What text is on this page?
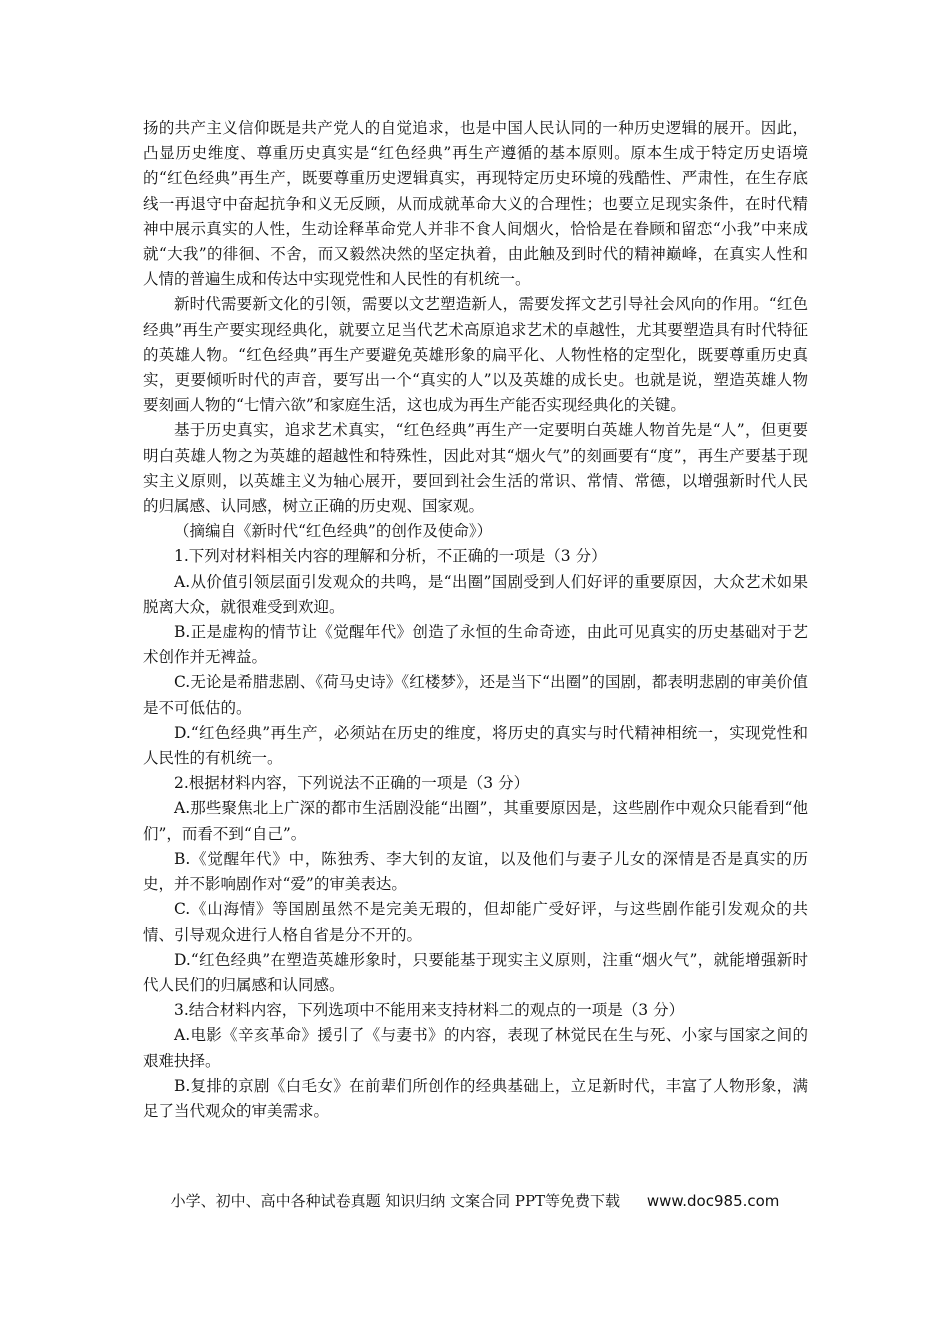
扬的共产主义信仰既是共产党人的自觉追求，也是中国人民认同的一种历史逻辑的展开。因此，凸显历史维度、尊重历史真实是“红色经典”再生产遵循的基本原则。原本生成于特定历史语境的“红色经典”再生产，既要尊重历史逻辑真实，再现特定历史环境的残酷性、严肃性，在生存底线一再退守中奋起抗争和义无反顾，从而成就革命大义的合理性；也要立足现实条件，在时代精神中展示真实的人性，生动诠释革命党人并非不食人间烟火，恰恰是在眷顾和留恋“小我”中来成就“大我”的徘徊、不舍，而又毅然决然的坚定执着，由此触及到时代的精神巅峰，在真实人性和人情的普遍生成和传达中实现党性和人民性的有机统一。

新时代需要新文化的引领，需要以文艺塑造新人，需要发挥文艺引导社会风向的作用。“红色经典”再生产要实现经典化，就要立足当代艺术高原追求艺术的卓越性，尤其要塑造具有时代特征的英雄人物。“红色经典”再生产要避免英雄形象的扁平化、人物性格的定型化，既要尊重历史真实，更要倾听时代的声音，要写出一个“真实的人”以及英雄的成长史。也就是说，塑造英雄人物要刻画人物的“七情六欲”和家庭生活，这也成为再生产能否实现经典化的关键。

基于历史真实，追求艺术真实，“红色经典”再生产一定要明白英雄人物首先是“人”，但更要明白英雄人物之为英雄的超越性和特殊性，因此对其“烟火气”的刻画要有“度”，再生产要基于现实主义原则，以英雄主义为轴心展开，要回到社会生活的常识、常情、常德，以增强新时代人民的归属感、认同感，树立正确的历史观、国家观。

（摘编自《新时代“红色经典”的创作及使命》）

1.下列对材料相关内容的理解和分析，不正确的一项是（3 分）

A.从价值引领层面引发观众的共鸣，是“出圈”国剧受到人们好评的重要原因，大众艺术如果脱离大众，就很难受到欢迎。

B.正是虚构的情节让《觉醒年代》创造了永恒的生命奇迹，由此可见真实的历史基础对于艺术创作并无裨益。

C.无论是希腊悲剧、《荷马史诗》《红楼梦》，还是当下“出圈”的国剧，都表明悲剧的审美价值是不可低估的。

D.“红色经典”再生产，必须站在历史的维度，将历史的真实与时代精神相统一，实现党性和人民性的有机统一。

2.根据材料内容，下列说法不正确的一项是（3 分）

A.那些聚焦北上广深的都市生活剧没能“出圈”，其重要原因是，这些剧作中观众只能看到“他们”，而看不到“自己”。

B.《觉醒年代》中，陈独秀、李大钊的友谊，以及他们与妻子儿女的深情是否是真实的历史，并不影响剧作对“爱”的审美表达。

C.《山海情》等国剧虽然不是完美无瑕的，但却能广受好评，与这些剧作能引发观众的共情、引导观众进行人格自省是分不开的。

D.“红色经典”在塑造英雄形象时，只要能基于现实主义原则，注重“烟火气”，就能增强新时代人民们的归属感和认同感。

3.结合材料内容，下列选项中不能用来支持材料二的观点的一项是（3 分）

A.电影《辛亥革命》援引了《与妻书》的内容，表现了林觉民在生与死、小家与国家之间的艰难抉择。

B.复排的京剧《白毛女》在前辈们所创作的经典基础上，立足新时代，丰富了人物形象，满足了当代观众的审美需求。

小学、初中、高中各种试卷真题 知识归纳 文案合同 PPT等免费下载 www.doc985.com
